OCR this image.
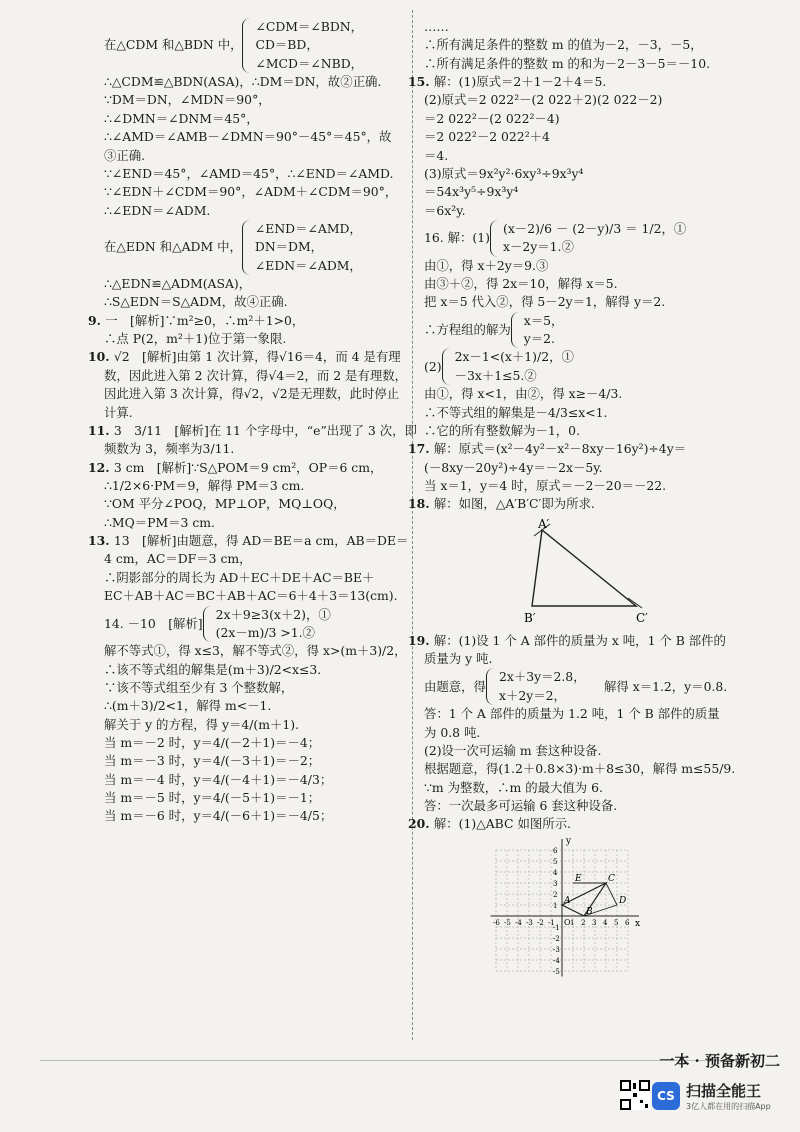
在△CDM 和△BDN 中，
∠CDM＝∠BDN，
CD＝BD，
∠MCD＝∠NBD，
∴△CDM≌△BDN(ASA)，∴DM＝DN，故②正确.
∵DM＝DN，∠MDN＝90°，
∴∠DMN＝∠DNM＝45°，
∴∠AMD＝∠AMB－∠DMN＝90°－45°＝45°，故
③正确.
∵∠END＝45°，∠AMD＝45°，∴∠END＝∠AMD.
∵∠EDN＋∠CDM＝90°，∠ADM＋∠CDM＝90°，
∴∠EDN＝∠ADM.
在△EDN 和△ADM 中，
∠END＝∠AMD，
DN＝DM，
∠EDN＝∠ADM，
∴△EDN≌△ADM(ASA)，
∴S△EDN＝S△ADM，故④正确.
9. 一　[解析]∵m²≥0，∴m²＋1>0，
∴点 P(2，m²＋1)位于第一象限.
10. √2　[解析]由第 1 次计算，得√16＝4，而 4 是有理
数，因此进入第 2 次计算，得√4＝2，而 2 是有理数，
因此进入第 3 次计算，得√2，√2是无理数，此时停止
计算.
11. 3　3/11　[解析]在 11 个字母中，“e”出现了 3 次，即
频数为 3，频率为3/11.
12. 3 cm　[解析]∵S△POM＝9 cm²，OP＝6 cm，
∴1/2×6·PM＝9，解得 PM＝3 cm.
∵OM 平分∠POQ，MP⊥OP，MQ⊥OQ，
∴MQ＝PM＝3 cm.
13. 13　[解析]由题意，得 AD＝BE＝a cm，AB＝DE＝
4 cm，AC＝DF＝3 cm，
∴阴影部分的周长为 AD＋EC＋DE＋AC＝BE＋
EC＋AB＋AC＝BC＋AB＋AC＝6＋4＋3＝13(cm).
14. －10　[解析]
2x＋9≥3(x＋2)，①
(2x－m)/3 >1.②
解不等式①，得 x≤3，解不等式②，得 x>(m＋3)/2，
∴该不等式组的解集是(m＋3)/2<x≤3.
∵该不等式组至少有 3 个整数解，
∴(m＋3)/2<1，解得 m<－1.
解关于 y 的方程，得 y＝4/(m＋1).
当 m＝－2 时，y＝4/(－2＋1)＝－4；
当 m＝－3 时，y＝4/(－3＋1)＝－2；
当 m＝－4 时，y＝4/(－4＋1)＝－4/3；
当 m＝－5 时，y＝4/(－5＋1)＝－1；
当 m＝－6 时，y＝4/(－6＋1)＝－4/5；
……
∴所有满足条件的整数 m 的值为－2，－3，－5，
∴所有满足条件的整数 m 的和为－2－3－5＝－10.
15. 解：(1)原式＝2＋1－2＋4＝5.
(2)原式＝2 022²－(2 022＋2)(2 022－2)
＝2 022²－(2 022²－4)
＝2 022²－2 022²＋4
＝4.
(3)原式＝9x²y²·6xy³÷9x³y⁴
＝54x³y⁵÷9x³y⁴
＝6x²y.
16. 解：(1)
(x－2)/6 － (2－y)/3 ＝ 1/2，①
x－2y＝1.②
由①，得 x＋2y＝9.③
由③＋②，得 2x＝10，解得 x＝5.
把 x＝5 代入②，得 5－2y＝1，解得 y＝2.
∴方程组的解为
x＝5，
y＝2.
(2)
2x－1<(x＋1)/2，①
－3x＋1≤5.②
由①，得 x<1，由②，得 x≥－4/3.
∴不等式组的解集是－4/3≤x<1.
∴它的所有整数解为－1，0.
17. 解：原式＝(x²－4y²－x²－8xy－16y²)÷4y＝
(－8xy－20y²)÷4y＝－2x－5y.
当 x＝1，y＝4 时，原式＝－2－20＝－22.
18. 解：如图，△A′B′C′即为所求.
A′
B′	C′
19. 解：(1)设 1 个 A 部件的质量为 x 吨，1 个 B 部件的
质量为 y 吨.
由题意，得
2x＋3y＝2.8，
x＋2y＝2，
　解得 x＝1.2，y＝0.8.
答：1 个 A 部件的质量为 1.2 吨，1 个 B 部件的质量
为 0.8 吨.
(2)设一次可运输 m 套这种设备.
根据题意，得(1.2＋0.8×3)·m＋8≤30，解得 m≤55/9.
∵m 为整数，∴m 的最大值为 6.
答：一次最多可运输 6 套这种设备.
20. 解：(1)△ABC 如图所示.
x
y
O
-6 -5 -4 -3 -2 -1 1 2 3 4 5 6
6
5
4
3
2
1
-1
-2
-3
-4
-5
A
B
C
D
E
一本 · 预备新初二
CS 扫描全能王
3亿人都在用的扫描App
